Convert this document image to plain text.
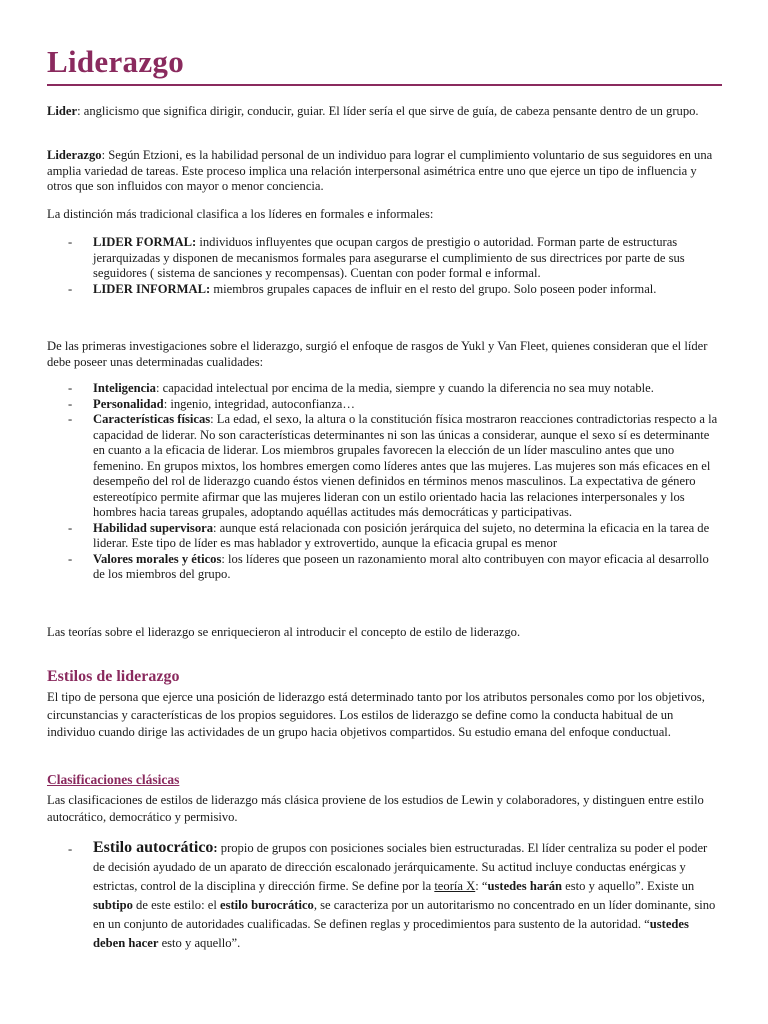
Liderazgo
Lider: anglicismo que significa dirigir, conducir, guiar. El líder sería el que sirve de guía, de cabeza pensante dentro de un grupo.
Liderazgo: Según Etzioni, es la habilidad personal de un individuo para lograr el cumplimiento voluntario de sus seguidores en una amplia variedad de tareas. Este proceso implica una relación interpersonal asimétrica entre uno que ejerce un tipo de influencia y otros que son influidos con mayor o menor conciencia.
La distinción más tradicional clasifica a los líderes en formales e informales:
- LIDER FORMAL: individuos influyentes que ocupan cargos de prestigio o autoridad. Forman parte de estructuras jerarquizadas y disponen de mecanismos formales para asegurarse el cumplimiento de sus directrices por parte de sus seguidores ( sistema de sanciones y recompensas). Cuentan con poder formal e informal.
- LIDER INFORMAL: miembros grupales capaces de influir en el resto del grupo. Solo poseen poder informal.
De las primeras investigaciones sobre el liderazgo, surgió el enfoque de rasgos de Yukl y Van Fleet, quienes consideran que el líder debe poseer unas determinadas cualidades:
- Inteligencia: capacidad intelectual por encima de la media, siempre y cuando la diferencia no sea muy notable.
- Personalidad: ingenio, integridad, autoconfianza…
- Características físicas: La edad, el sexo, la altura o la constitución física mostraron reacciones contradictorias respecto a la capacidad de liderar. No son características determinantes ni son las únicas a considerar, aunque el sexo sí es determinante en cuanto a la eficacia de liderar. Los miembros grupales favorecen la elección de un líder masculino antes que uno femenino. En grupos mixtos, los hombres emergen como líderes antes que las mujeres. Las mujeres son más eficaces en el desempeño del rol de liderazgo cuando éstos vienen definidos en términos menos masculinos. La expectativa de género estereotípico permite afirmar que las mujeres lideran con un estilo orientado hacia las relaciones interpersonales y los hombres hacia tareas grupales, adoptando aquéllas actitudes más democráticas y participativas.
- Habilidad supervisora: aunque está relacionada con posición jerárquica del sujeto, no determina la eficacia en la tarea de liderar. Este tipo de líder es mas hablador y extrovertido, aunque la eficacia grupal es menor
- Valores morales y éticos: los líderes que poseen un razonamiento moral alto contribuyen con mayor eficacia al desarrollo de los miembros del grupo.
Las teorías sobre el liderazgo se enriquecieron al introducir el concepto de estilo de liderazgo.
Estilos de liderazgo
El tipo de persona que ejerce una posición de liderazgo está determinado tanto por los atributos personales como por los objetivos, circunstancias y características de los propios seguidores. Los estilos de liderazgo se define como la conducta habitual de un individuo cuando dirige las actividades de un grupo hacia objetivos compartidos. Su estudio emana del enfoque conductual.
Clasificaciones clásicas
Las clasificaciones de estilos de liderazgo más clásica proviene de los estudios de Lewin y colaboradores, y distinguen entre estilo autocrático, democrático y permisivo.
- Estilo autocrático: propio de grupos con posiciones sociales bien estructuradas. El líder centraliza su poder el poder de decisión ayudado de un aparato de dirección escalonado jerárquicamente. Su actitud incluye conductas enérgicas y estrictas, control de la disciplina y dirección firme. Se define por la teoría X: “ustedes harán esto y aquello”. Existe un subtipo de este estilo: el estilo burocrático, se caracteriza por un autoritarismo no concentrado en un líder dominante, sino en un conjunto de autoridades cualificadas. Se definen reglas y procedimientos para sustento de la autoridad. “ustedes deben hacer esto y aquello”.
